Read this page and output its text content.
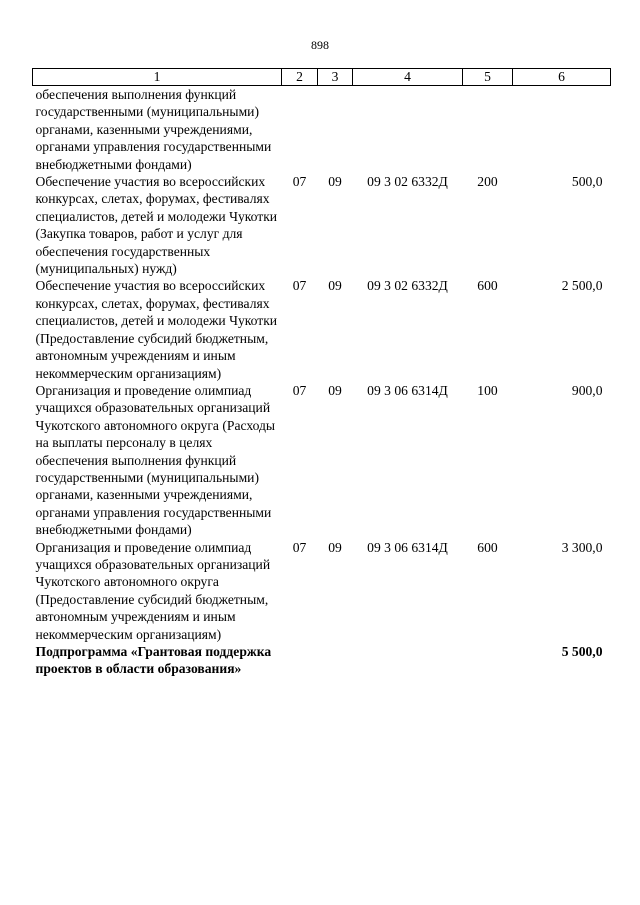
898
1	2	3	4	5	6
обеспечения выполнения функций государственными (муниципальными) органами, казенными учреждениями, органами управления государственными внебюджетными фондами)					
Обеспечение участия во всероссийских конкурсах, слетах, форумах, фестивалях специалистов, детей и молодежи Чукотки (Закупка товаров, работ и услуг для обеспечения государственных (муниципальных) нужд)	07	09	09 3 02 6332Д	200	500,0
Обеспечение участия во всероссийских конкурсах, слетах, форумах, фестивалях специалистов, детей и молодежи Чукотки (Предоставление субсидий бюджетным, автономным учреждениям и иным некоммерческим организациям)	07	09	09 3 02 6332Д	600	2 500,0
Организация и проведение олимпиад учащихся образовательных организаций Чукотского автономного округа (Расходы на выплаты персоналу в целях обеспечения выполнения функций государственными (муниципальными) органами, казенными учреждениями, органами управления государственными внебюджетными фондами)	07	09	09 3 06 6314Д	100	900,0
Организация и проведение олимпиад учащихся образовательных организаций Чукотского автономного округа (Предоставление субсидий бюджетным, автономным учреждениям и иным некоммерческим организациям)	07	09	09 3 06 6314Д	600	3 300,0
Подпрограмма «Грантовая поддержка проектов в области образования»					5 500,0
